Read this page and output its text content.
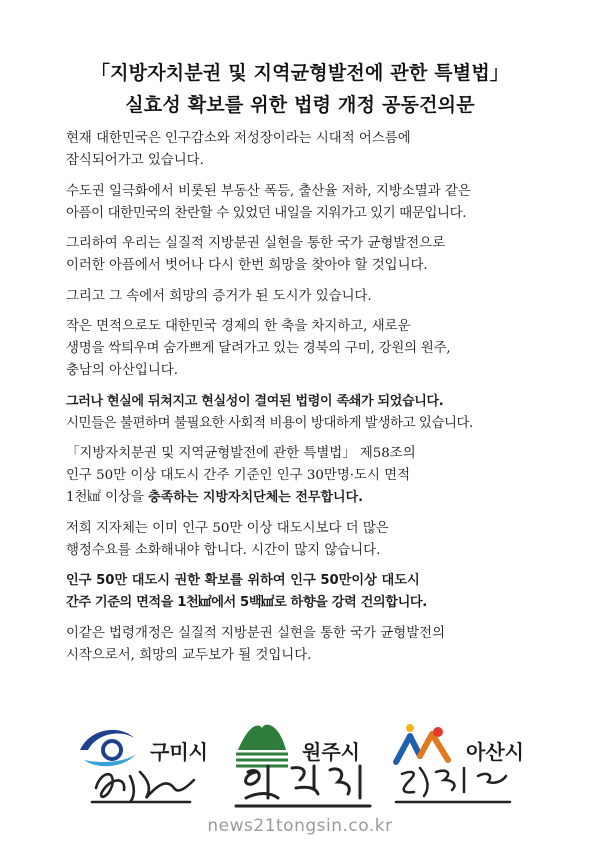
「지방자치분권 및 지역균형발전에 관한 특별법」
실효성 확보를 위한 법령 개정 공동건의문
현재 대한민국은 인구감소와 저성장이라는 시대적 어스름에
잠식되어가고 있습니다.
수도권 일극화에서 비롯된 부동산 폭등, 출산율 저하, 지방소멸과 같은
아픔이 대한민국의 찬란할 수 있었던 내일을 지워가고 있기 때문입니다.
그리하여 우리는 실질적 지방분권 실현을 통한 국가 균형발전으로
이러한 아픔에서 벗어나 다시 한번 희망을 찾아야 할 것입니다.
그리고 그 속에서 희망의 증거가 된 도시가 있습니다.
작은 면적으로도 대한민국 경제의 한 축을 차지하고, 새로운
생명을 싹틔우며 숨가쁘게 달려가고 있는 경북의 구미, 강원의 원주,
충남의 아산입니다.
그러나 현실에 뒤쳐지고 현실성이 결여된 법령이 족쇄가 되었습니다.
시민들은 불편하며 불필요한 사회적 비용이 방대하게 발생하고 있습니다.
「지방자치분권 및 지역균형발전에 관한 특별법」 제58조의
인구 50만 이상 대도시 간주 기준인 인구 30만명·도시 면적
1천㎢ 이상을 충족하는 지방자치단체는 전무합니다.
저희 지자체는 이미 인구 50만 이상 대도시보다 더 많은
행정수요를 소화해내야 합니다. 시간이 많지 않습니다.
인구 50만 대도시 권한 확보를 위하여 인구 50만이상 대도시
간주 기준의 면적을 1천㎢에서 5백㎢로 하향을 강력 건의합니다.
이같은 법령개정은 실질적 지방분권 실현을 통한 국가 균형발전의
시작으로서, 희망의 교두보가 될 것입니다.
구미시	원주시	아산시
news21tongsin.co.kr
